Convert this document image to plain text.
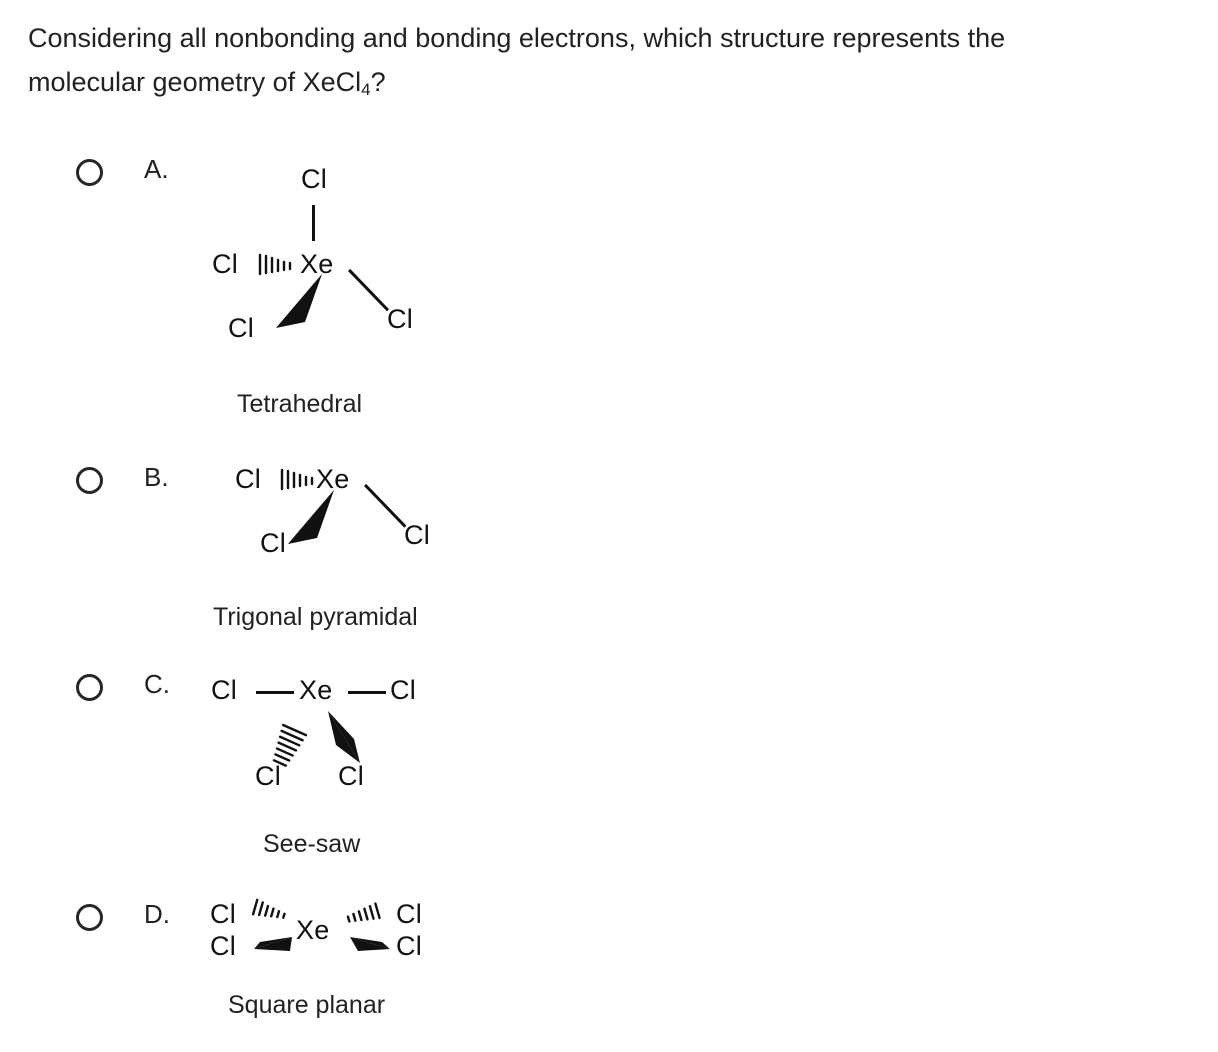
Considering all nonbonding and bonding electrons, which structure represents the
molecular geometry of XeCl$_4$?
A.	Cl
Cl Xe
Cl	Cl
Tetrahedral
B. Cl Xe
Cl	Cl
Trigonal pyramidal
C. Cl Xe Cl
Cl Cl
See-saw
D. Cl
Cl
Xe
Cl
Cl
Square planar
